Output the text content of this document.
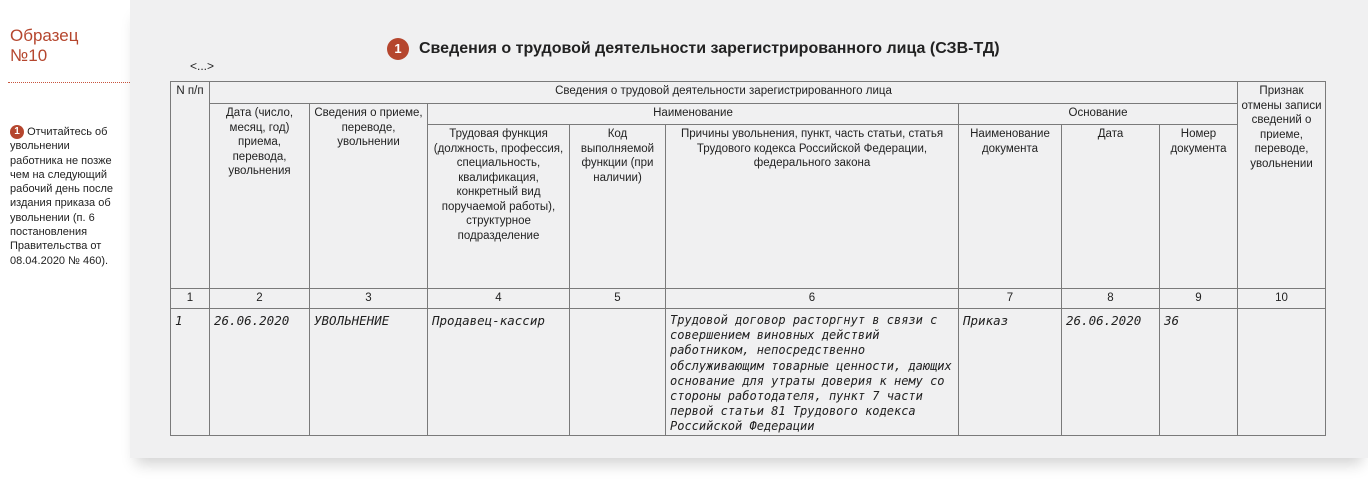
Образец
№10
1 Отчитайтесь об увольнении работника не позже чем на следующий рабочий день после издания приказа об увольнении (п. 6 постановления Правительства от 08.04.2020 № 460).
1	Сведения о трудовой деятельности зарегистрированного лица (СЗВ-ТД)
<...>
N п/п	Сведения о трудовой деятельности зарегистрированного лица								Признак отмены записи сведений о приеме, переводе, увольнении
	Дата (число, месяц, год) приема, перевода, увольнения	Сведения о приеме, переводе, увольнении	Наименование			Основание			
			Трудовая функция (должность, профессия, специальность, квалификация, конкретный вид поручаемой работы), структурное подразделение	Код выполняемой функции (при наличии)	Причины увольнения, пункт, часть статьи, статья Трудового кодекса Российской Федерации, федерального закона	Наименование документа	Дата	Номер документа	
1	2	3	4	5	6	7	8	9	10
1	26.06.2020	УВОЛЬНЕНИЕ	Продавец-кассир		Трудовой договор расторгнут в связи с совершением виновных действий работником, непосредственно обслуживающим товарные ценности, дающих основание для утраты доверия к нему со стороны работодателя, пункт 7 части первой статьи 81 Трудового кодекса Российской Федерации	Приказ	26.06.2020	36	
